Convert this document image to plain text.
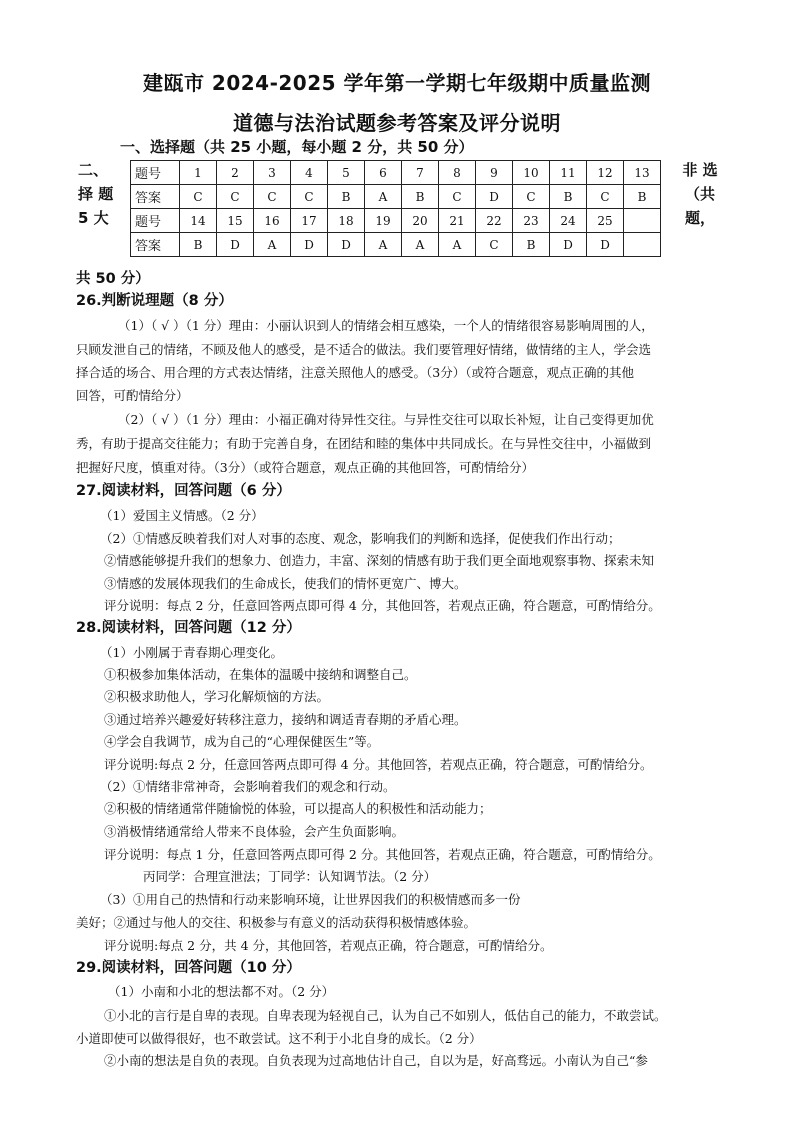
建瓯市 2024-2025 学年第一学期七年级期中质量监测
道德与法治试题参考答案及评分说明
一、选择题（共 25 小题，每小题 2 分，共 50 分）
二、
择 题
5 大
非 选
（共
题，
题号	1	2	3	4	5	6	7	8	9	10	11	12	13
答案	C	C	C	C	B	A	B	C	D	C	B	C	B
题号	14	15	16	17	18	19	20	21	22	23	24	25	
答案	B	D	A	D	D	A	A	A	C	B	D	D	
共 50 分）
26.判断说理题（8 分）
（1）（ √ ）（1 分）理由：小丽认识到人的情绪会相互感染，一个人的情绪很容易影响周围的人，
只顾发泄自己的情绪，不顾及他人的感受，是不适合的做法。我们要管理好情绪，做情绪的主人，学会选
择合适的场合、用合理的方式表达情绪，注意关照他人的感受。（3分）（或符合题意，观点正确的其他
回答，可酌情给分）
（2）（ √ ）（1 分）理由：小福正确对待异性交往。与异性交往可以取长补短，让自己变得更加优
秀，有助于提高交往能力；有助于完善自身，在团结和睦的集体中共同成长。在与异性交往中，小福做到
把握好尺度，慎重对待。（3分）（或符合题意，观点正确的其他回答，可酌情给分）
27.阅读材料，回答问题（6 分）
（1）爱国主义情感。（2 分）
（2）①情感反映着我们对人对事的态度、观念，影响我们的判断和选择，促使我们作出行动；
②情感能够提升我们的想象力、创造力，丰富、深刻的情感有助于我们更全面地观察事物、探索未知
③情感的发展体现我们的生命成长，使我们的情怀更宽广、博大。
评分说明：每点 2 分，任意回答两点即可得 4 分，其他回答，若观点正确，符合题意，可酌情给分。
28.阅读材料，回答问题（12 分）
（1）小刚属于青春期心理变化。
①积极参加集体活动，在集体的温暖中接纳和调整自己。
②积极求助他人，学习化解烦恼的方法。
③通过培养兴趣爱好转移注意力，接纳和调适青春期的矛盾心理。
④学会自我调节，成为自己的“心理保健医生”等。
评分说明:每点 2 分，任意回答两点即可得 4 分。其他回答，若观点正确，符合题意，可酌情给分。
（2）①情绪非常神奇，会影响着我们的观念和行动。
②积极的情绪通常伴随愉悦的体验，可以提高人的积极性和活动能力；
③消极情绪通常给人带来不良体验，会产生负面影响。
评分说明：每点 1 分，任意回答两点即可得 2 分。其他回答，若观点正确，符合题意，可酌情给分。
丙同学：合理宣泄法；丁同学：认知调节法。（2 分）
（3）①用自己的热情和行动来影响环境，让世界因我们的积极情感而多一份
美好；②通过与他人的交往、积极参与有意义的活动获得积极情感体验。
评分说明:每点 2 分，共 4 分，其他回答，若观点正确，符合题意，可酌情给分。
29.阅读材料，回答问题（10 分）
（1）小南和小北的想法都不对。（2 分）
①小北的言行是自卑的表现。自卑表现为轻视自己，认为自己不如别人，低估自己的能力，不敢尝试。
小道即使可以做得很好，也不敢尝试。这不利于小北自身的成长。（2 分）
②小南的想法是自负的表现。自负表现为过高地估计自己，自以为是，好高骛远。小南认为自己“参
